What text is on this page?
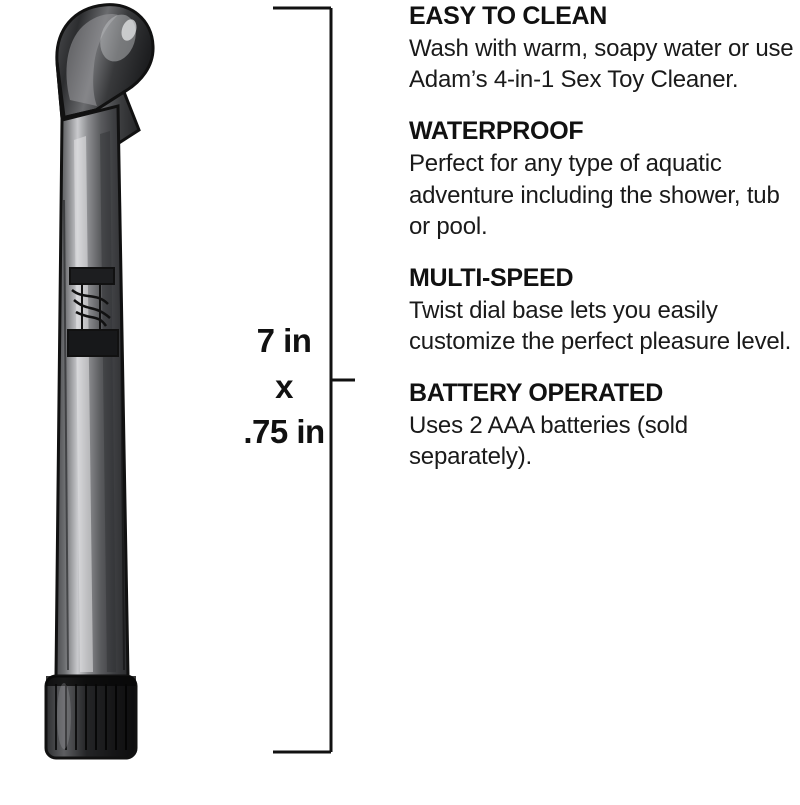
7 in
x
.75 in

EASY TO CLEAN

Wash with warm, soapy water or use Adam’s 4-in-1 Sex Toy Cleaner.

WATERPROOF

Perfect for any type of aquatic adventure including the shower, tub or pool.

MULTI-SPEED

Twist dial base lets you easily customize the perfect pleasure level.

BATTERY OPERATED

Uses 2 AAA batteries (sold separately).
